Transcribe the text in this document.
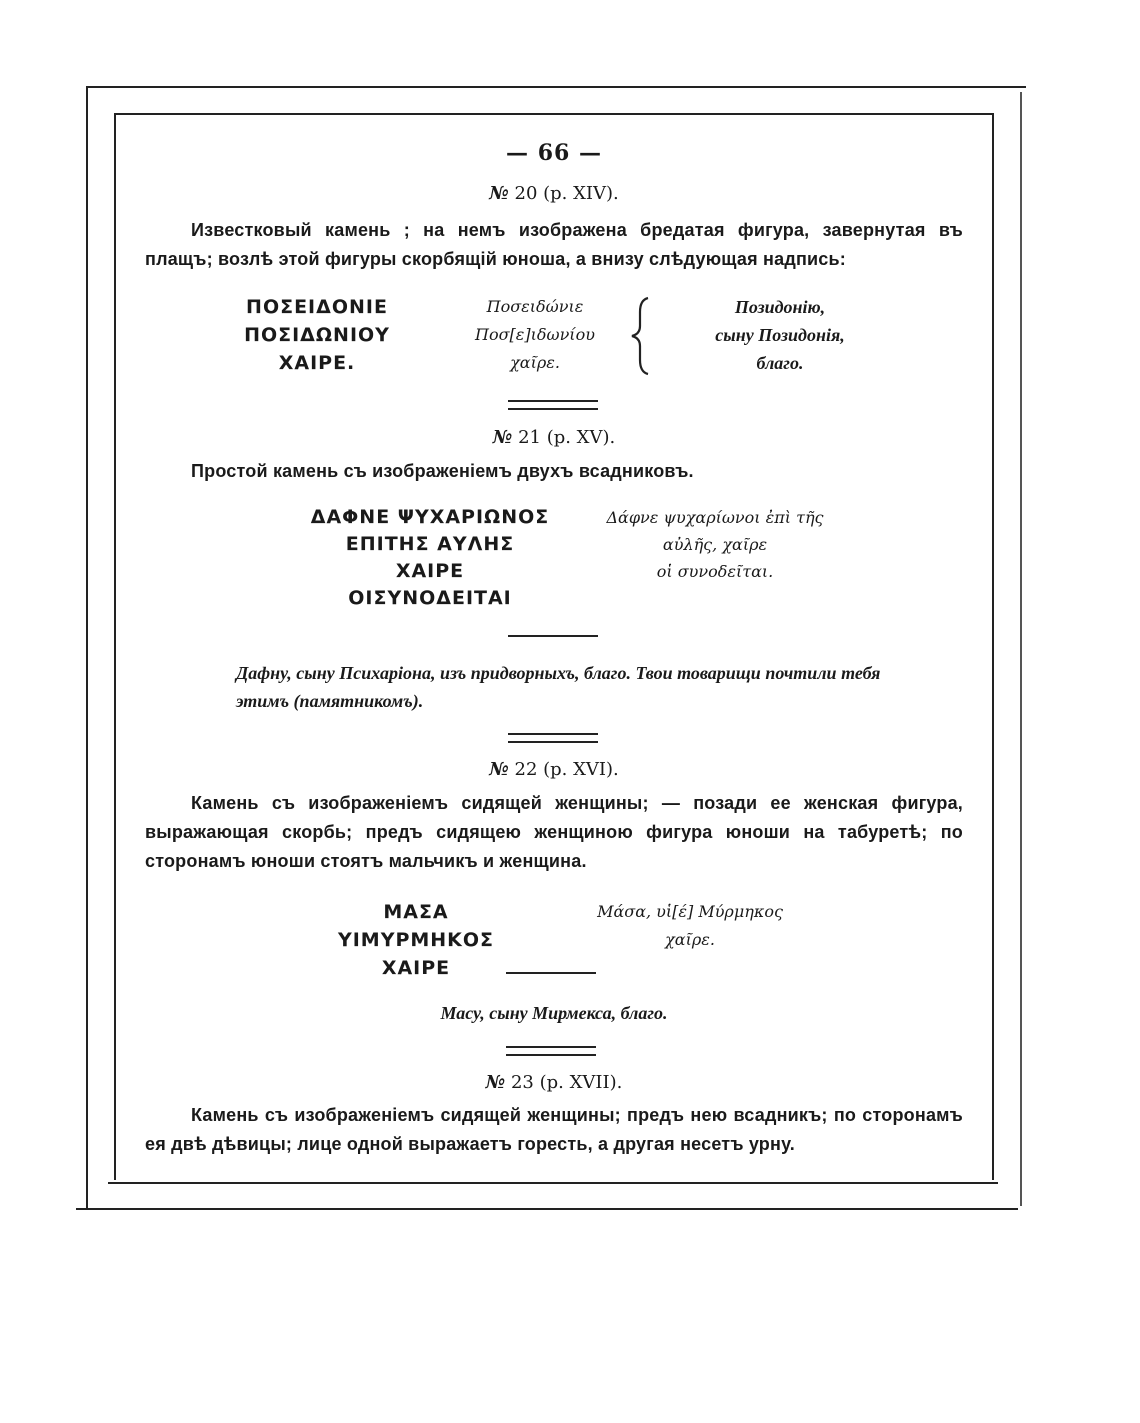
— 66 —
№ 20 (p. XIV).
Известковый камень ; на немъ изображена бредатая фигура, завернутая въ плащъ; возлѣ этой фигуры скорбящій юноша, а внизу слѣдующая надпись:
ΠΟΣΕΙΔΟΝΙΕ
ΠΟΣΙΔΩΝΙΟΥ
ΧΑΙΡΕ.
Ποσειδώνιε
Ποσ[ε]ιδωνίου
χαῖρε.
Позидонію,
сыну Позидонія,
благо.
№ 21 (p. XV).
Простой камень съ изображеніемъ двухъ всадниковъ.
ΔΑΦΝΕ ΨΥΧΑΡΙΩΝΟΣ
ΕΠΙΤΗΣ ΑΥΛΗΣ
ΧΑΙΡΕ
ΟΙΣΥΝΟΔΕΙΤΑΙ
Δάφνε ψυχαρίωνοι ἐπὶ τῆς
αὐλῆς, χαῖρε
οἱ συνοδεῖται.
Дафну, сыну Психаріона, изъ придворныхъ, благо. Твои товарищи почтили тебя этимъ (памятникомъ).
№ 22 (p. XVI).
Камень съ изображеніемъ сидящей женщины; — позади ее женская фигура, выражающая скорбь; предъ сидящею женщиною фигура юноши на табуретѣ; по сторонамъ юноши стоятъ мальчикъ и женщина.
ΜΑΣΑ ΥΙΜΥΡΜΗΚΟΣ
ΧΑΙΡΕ
Μάσα, υἱ[έ] Μύρμηκος
χαῖρε.
Масу, сыну Мирмекса, благо.
№ 23 (p. XVII).
Камень съ изображеніемъ сидящей женщины; предъ нею всадникъ; по сторонамъ ея двѣ дѣвицы; лице одной выражаетъ горесть, а другая несетъ урну.
